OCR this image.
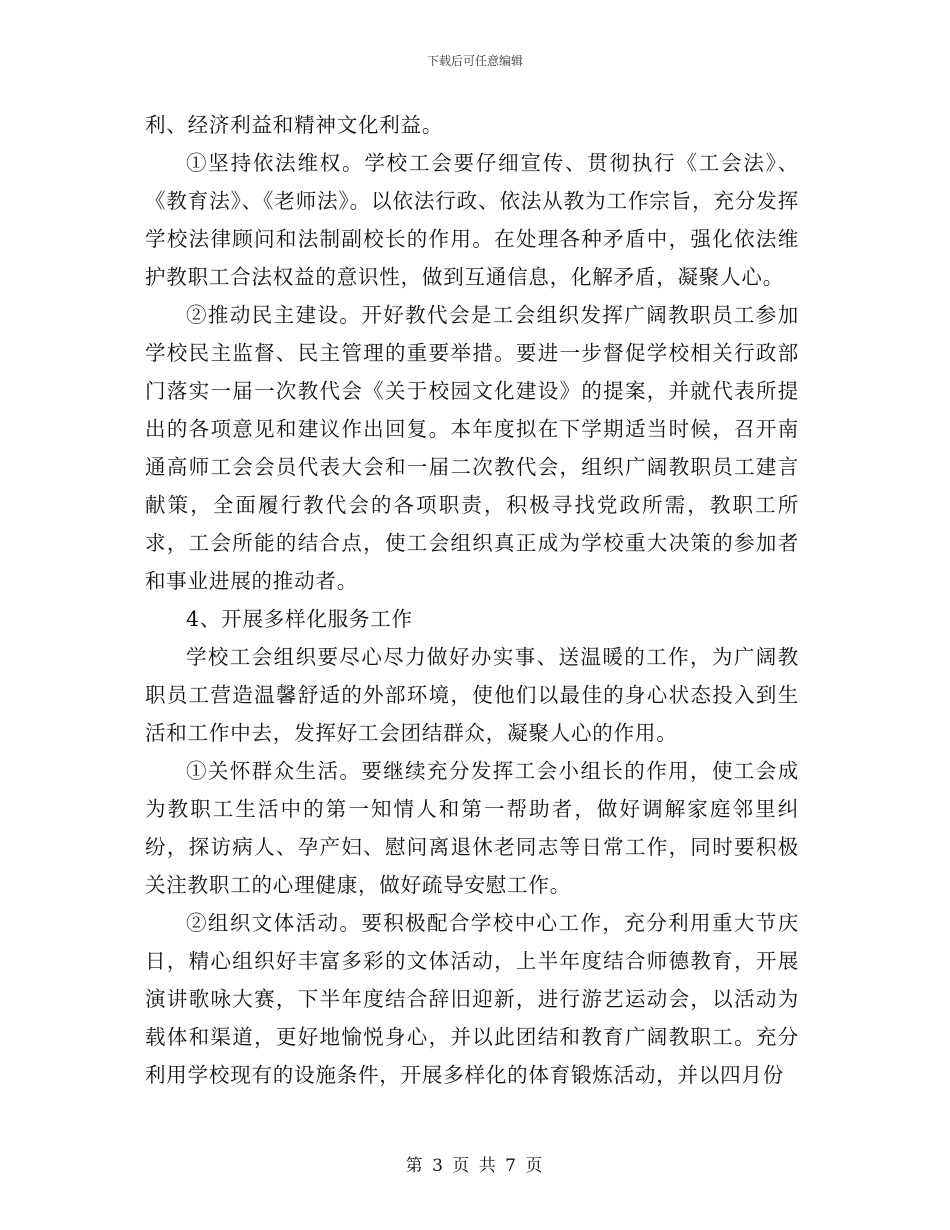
下载后可任意编辑

利、经济利益和精神文化利益。

①坚持依法维权。学校工会要仔细宣传、贯彻执行《工会法》、《教育法》、《老师法》。以依法行政、依法从教为工作宗旨，充分发挥学校法律顾问和法制副校长的作用。在处理各种矛盾中，强化依法维护教职工合法权益的意识性，做到互通信息，化解矛盾，凝聚人心。

②推动民主建设。开好教代会是工会组织发挥广阔教职员工参加学校民主监督、民主管理的重要举措。要进一步督促学校相关行政部门落实一届一次教代会《关于校园文化建设》的提案，并就代表所提出的各项意见和建议作出回复。本年度拟在下学期适当时候，召开南通高师工会会员代表大会和一届二次教代会，组织广阔教职员工建言献策，全面履行教代会的各项职责，积极寻找党政所需，教职工所求，工会所能的结合点，使工会组织真正成为学校重大决策的参加者和事业进展的推动者。

4、开展多样化服务工作

学校工会组织要尽心尽力做好办实事、送温暖的工作，为广阔教职员工营造温馨舒适的外部环境，使他们以最佳的身心状态投入到生活和工作中去，发挥好工会团结群众，凝聚人心的作用。

①关怀群众生活。要继续充分发挥工会小组长的作用，使工会成为教职工生活中的第一知情人和第一帮助者，做好调解家庭邻里纠纷，探访病人、孕产妇、慰问离退休老同志等日常工作，同时要积极关注教职工的心理健康，做好疏导安慰工作。

②组织文体活动。要积极配合学校中心工作，充分利用重大节庆日，精心组织好丰富多彩的文体活动，上半年度结合师德教育，开展演讲歌咏大赛，下半年度结合辞旧迎新，进行游艺运动会，以活动为载体和渠道，更好地愉悦身心，并以此团结和教育广阔教职工。充分利用学校现有的设施条件，开展多样化的体育锻炼活动，并以四月份

第 3 页 共 7 页
